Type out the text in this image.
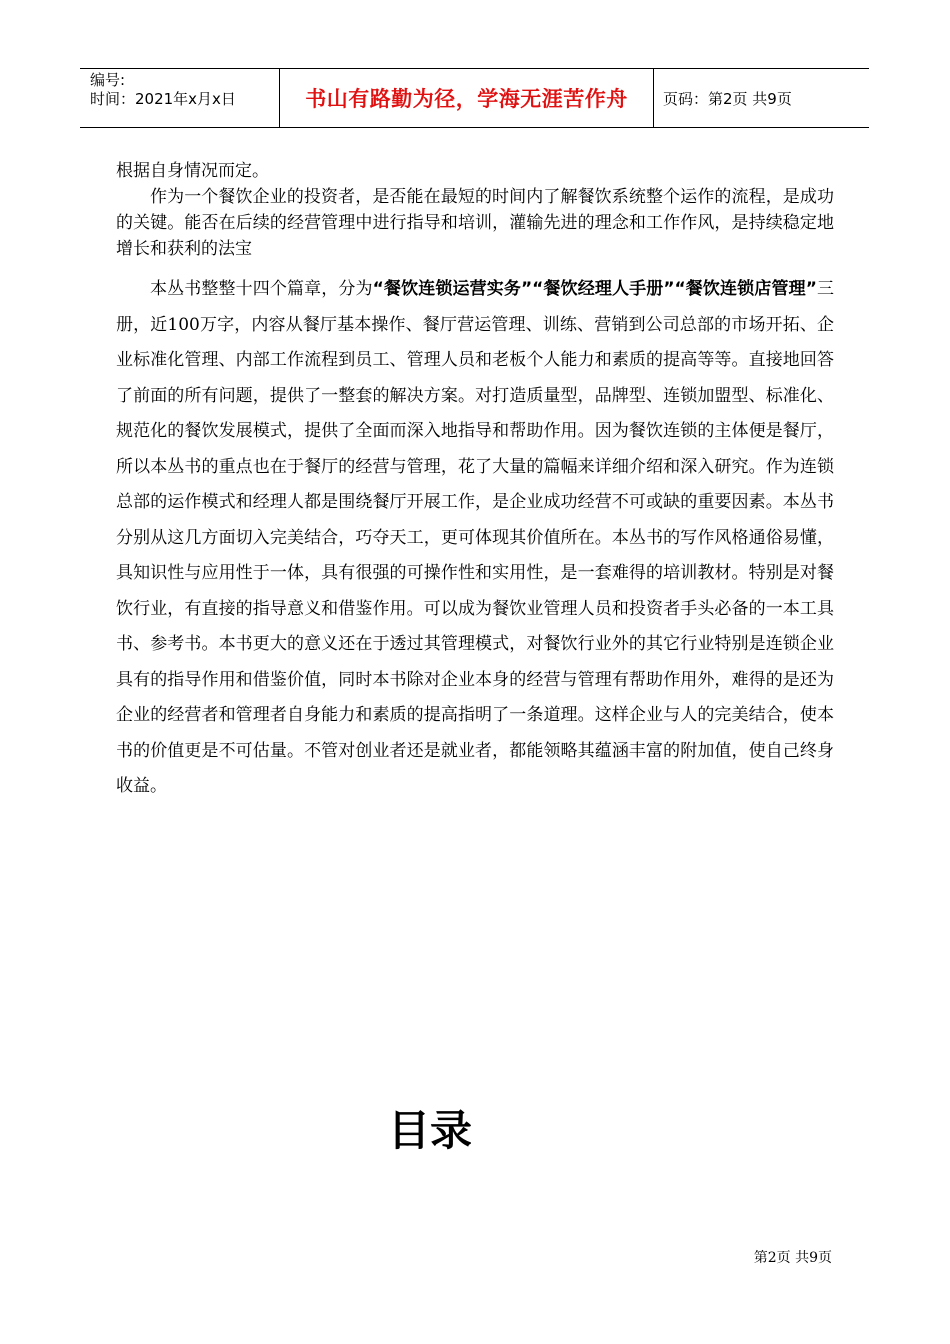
编号:
时间：2021年x月x日	书山有路勤为径，学海无涯苦作舟	页码：第2页 共9页

根据自身情况而定。

作为一个餐饮企业的投资者，是否能在最短的时间内了解餐饮系统整个运作的流程，是成功的关键。能否在后续的经营管理中进行指导和培训，灌输先进的理念和工作作风，是持续稳定地增长和获利的法宝

本丛书整整十四个篇章，分为“餐饮连锁运营实务”“餐饮经理人手册”“餐饮连锁店管理”三册，近100万字，内容从餐厅基本操作、餐厅营运管理、训练、营销到公司总部的市场开拓、企业标准化管理、内部工作流程到员工、管理人员和老板个人能力和素质的提高等等。直接地回答了前面的所有问题，提供了一整套的解决方案。对打造质量型，品牌型、连锁加盟型、标准化、规范化的餐饮发展模式，提供了全面而深入地指导和帮助作用。因为餐饮连锁的主体便是餐厅，所以本丛书的重点也在于餐厅的经营与管理，花了大量的篇幅来详细介绍和深入研究。作为连锁总部的运作模式和经理人都是围绕餐厅开展工作，是企业成功经营不可或缺的重要因素。本丛书分别从这几方面切入完美结合，巧夺天工，更可体现其价值所在。本丛书的写作风格通俗易懂，具知识性与应用性于一体，具有很强的可操作性和实用性，是一套难得的培训教材。特别是对餐饮行业，有直接的指导意义和借鉴作用。可以成为餐饮业管理人员和投资者手头必备的一本工具书、参考书。本书更大的意义还在于透过其管理模式，对餐饮行业外的其它行业特别是连锁企业具有的指导作用和借鉴价值，同时本书除对企业本身的经营与管理有帮助作用外，难得的是还为企业的经营者和管理者自身能力和素质的提高指明了一条道理。这样企业与人的完美结合，使本书的价值更是不可估量。不管对创业者还是就业者，都能领略其蕴涵丰富的附加值，使自己终身收益。

目录
第2页 共9页
